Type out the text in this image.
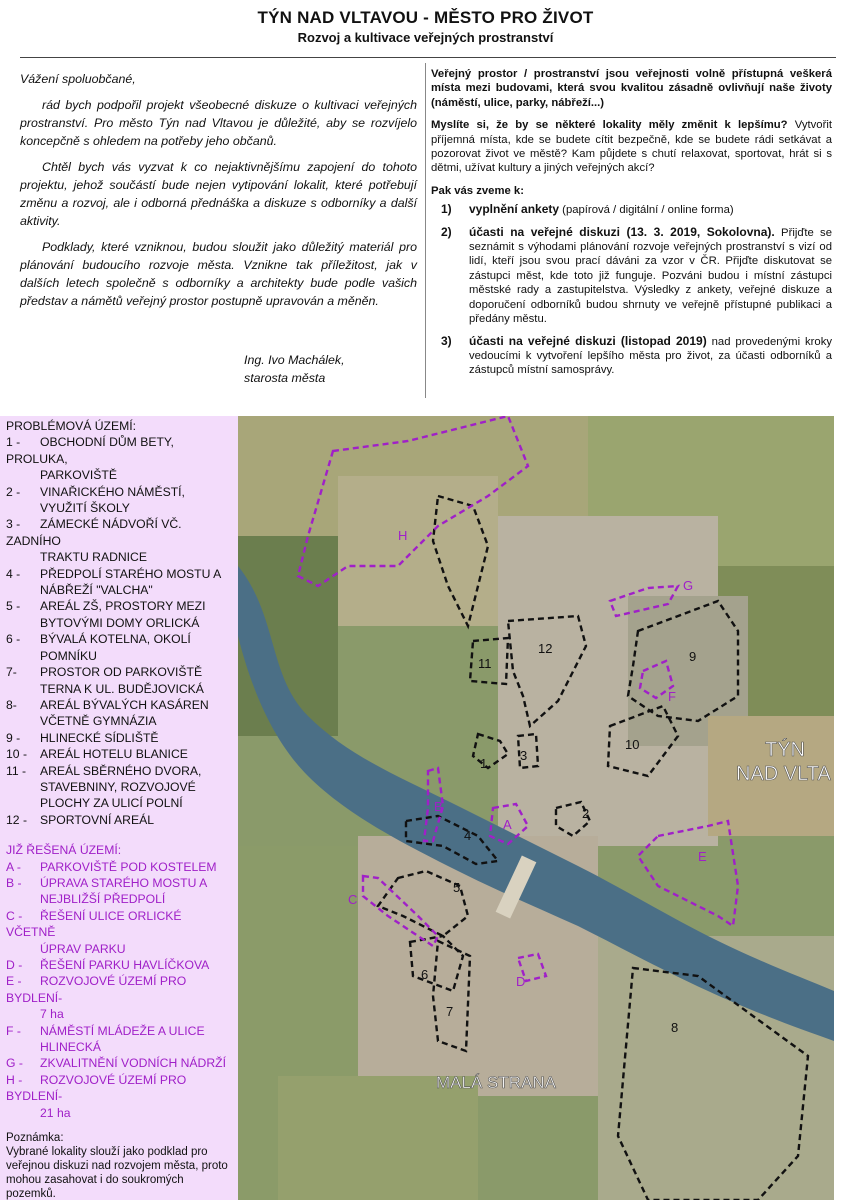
TÝN NAD VLTAVOU - MĚSTO PRO ŽIVOT
Rozvoj a kultivace veřejných prostranství

Vážení spoluobčané,

rád bych podpořil projekt všeobecné diskuze o kultivaci veřejných prostranství. Pro město Týn nad Vltavou je důležité, aby se rozvíjelo koncepčně s ohledem na potřeby jeho občanů.

Chtěl bych vás vyzvat k co nejaktivnějšímu zapojení do tohoto projektu, jehož součástí bude nejen vytipování lokalit, které potřebují změnu a rozvoj, ale i odborná přednáška a diskuze s odborníky a další aktivity.

Podklady, které vzniknou, budou sloužit jako důležitý materiál pro plánování budoucího rozvoje města. Vznikne tak příležitost, jak v dalších letech společně s odborníky a architekty bude podle vašich představ a námětů veřejný prostor postupně upravován a měněn.

Ing. Ivo Machálek,
starosta města

Veřejný prostor / prostranství jsou veřejnosti volně přístupná veškerá místa mezi budovami, která svou kvalitou zásadně ovlivňují naše životy (náměstí, ulice, parky, nábřeží...)

Myslíte si, že by se některé lokality měly změnit k lepšímu? Vytvořit příjemná místa, kde se budete cítit bezpečně, kde se budete rádi setkávat a pozorovat život ve městě? Kam půjdete s chutí relaxovat, sportovat, hrát si s dětmi, užívat kultury a jiných veřejných akcí?

Pak vás zveme k:

1) vyplnění ankety (papírová / digitální / online forma)
2) účasti na veřejné diskuzi (13. 3. 2019, Sokolovna). Přijďte se seznámit s výhodami plánování rozvoje veřejných prostranství s vizí od lidí, kteří jsou svou prací dáváni za vzor v ČR. Přijďte diskutovat se zástupci měst, kde toto již funguje. Pozváni budou i místní zástupci městské rady a zastupitelstva. Výsledky z ankety, veřejné diskuze a doporučení odborníků budou shrnuty ve veřejně přístupné publikaci a předány městu.
3) účasti na veřejné diskuzi (listopad 2019) nad provedenými kroky vedoucími k vytvoření lepšího města pro život, za účasti odborníků a zástupců místní samosprávy.
PROBLÉMOVÁ ÚZEMÍ:
1 - OBCHODNÍ DŮM BETY, PROLUKA,
PARKOVIŠTĚ
2 - VINAŘICKÉHO NÁMĚSTÍ,
VYUŽITÍ ŠKOLY
3 - ZÁMECKÉ NÁDVOŘÍ VČ. ZADNÍHO
TRAKTU RADNICE
4 - PŘEDPOLÍ STARÉHO MOSTU A
NÁBŘEŽÍ "VALCHA"
5 - AREÁL ZŠ, PROSTORY MEZI
BYTOVÝMI DOMY ORLICKÁ
6 - BÝVALÁ KOTELNA, OKOLÍ
POMNÍKU
7- PROSTOR OD PARKOVIŠTĚ
TERNA K UL. BUDĚJOVICKÁ
8- AREÁL BÝVALÝCH KASÁREN
VČETNĚ GYMNÁZIA
9 - HLINECKÉ SÍDLIŠTĚ
10 - AREÁL HOTELU BLANICE
11 - AREÁL SBĚRNÉHO DVORA,
STAVEBNINY, ROZVOJOVÉ
PLOCHY ZA ULICÍ POLNÍ
12 - SPORTOVNÍ AREÁL
JIŽ ŘEŠENÁ ÚZEMÍ:
A - PARKOVIŠTĚ POD KOSTELEM
B - ÚPRAVA STARÉHO MOSTU A
NEJBLIŽŠÍ PŘEDPOLÍ
C - ŘEŠENÍ ULICE ORLICKÉ VČETNĚ
ÚPRAV PARKU
D - ŘEŠENÍ PARKU HAVLÍČKOVA
E - ROZVOJOVÉ ÚZEMÍ PRO BYDLENÍ-
7 ha
F - NÁMĚSTÍ MLÁDEŽE A ULICE
HLINECKÁ
G - ZKVALITNĚNÍ VODNÍCH NÁDRŽÍ
H - ROZVOJOVÉ ÚZEMÍ PRO BYDLENÍ-
21 ha
Poznámka:
Vybrané lokality slouží jako podklad pro veřejnou diskuzi nad rozvojem města, proto mohou zasahovat i do soukromých pozemků.
1
2
3
4
5
6
7
8
9
10
11
12
A
B
C
D
E
F
G
H
TÝN
NAD VLTA
MALÁ STRANA
